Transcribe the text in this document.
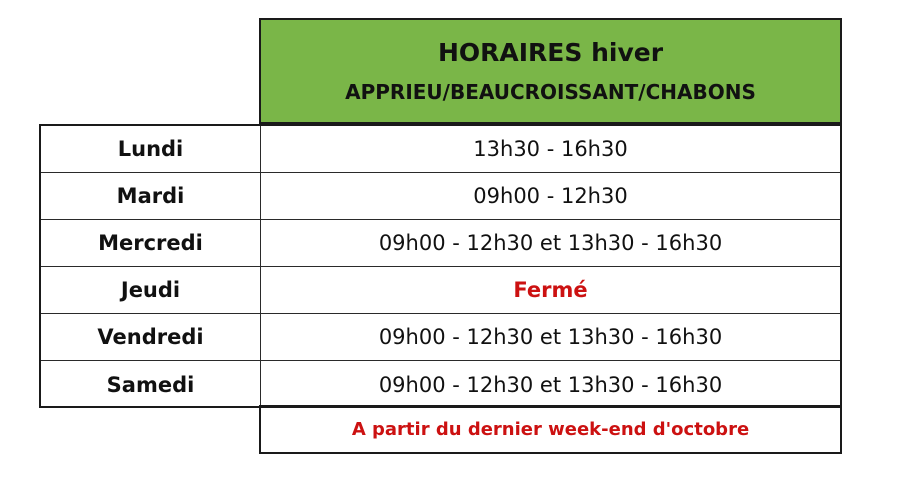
HORAIRES hiver
APPRIEU/BEAUCROISSANT/CHABONS
Lundi	13h30 - 16h30
Mardi	09h00 - 12h30
Mercredi	09h00 - 12h30 et 13h30 - 16h30
Jeudi	Fermé
Vendredi	09h00 - 12h30 et 13h30 - 16h30
Samedi	09h00 - 12h30 et 13h30 - 16h30
A partir du dernier week-end d'octobre
